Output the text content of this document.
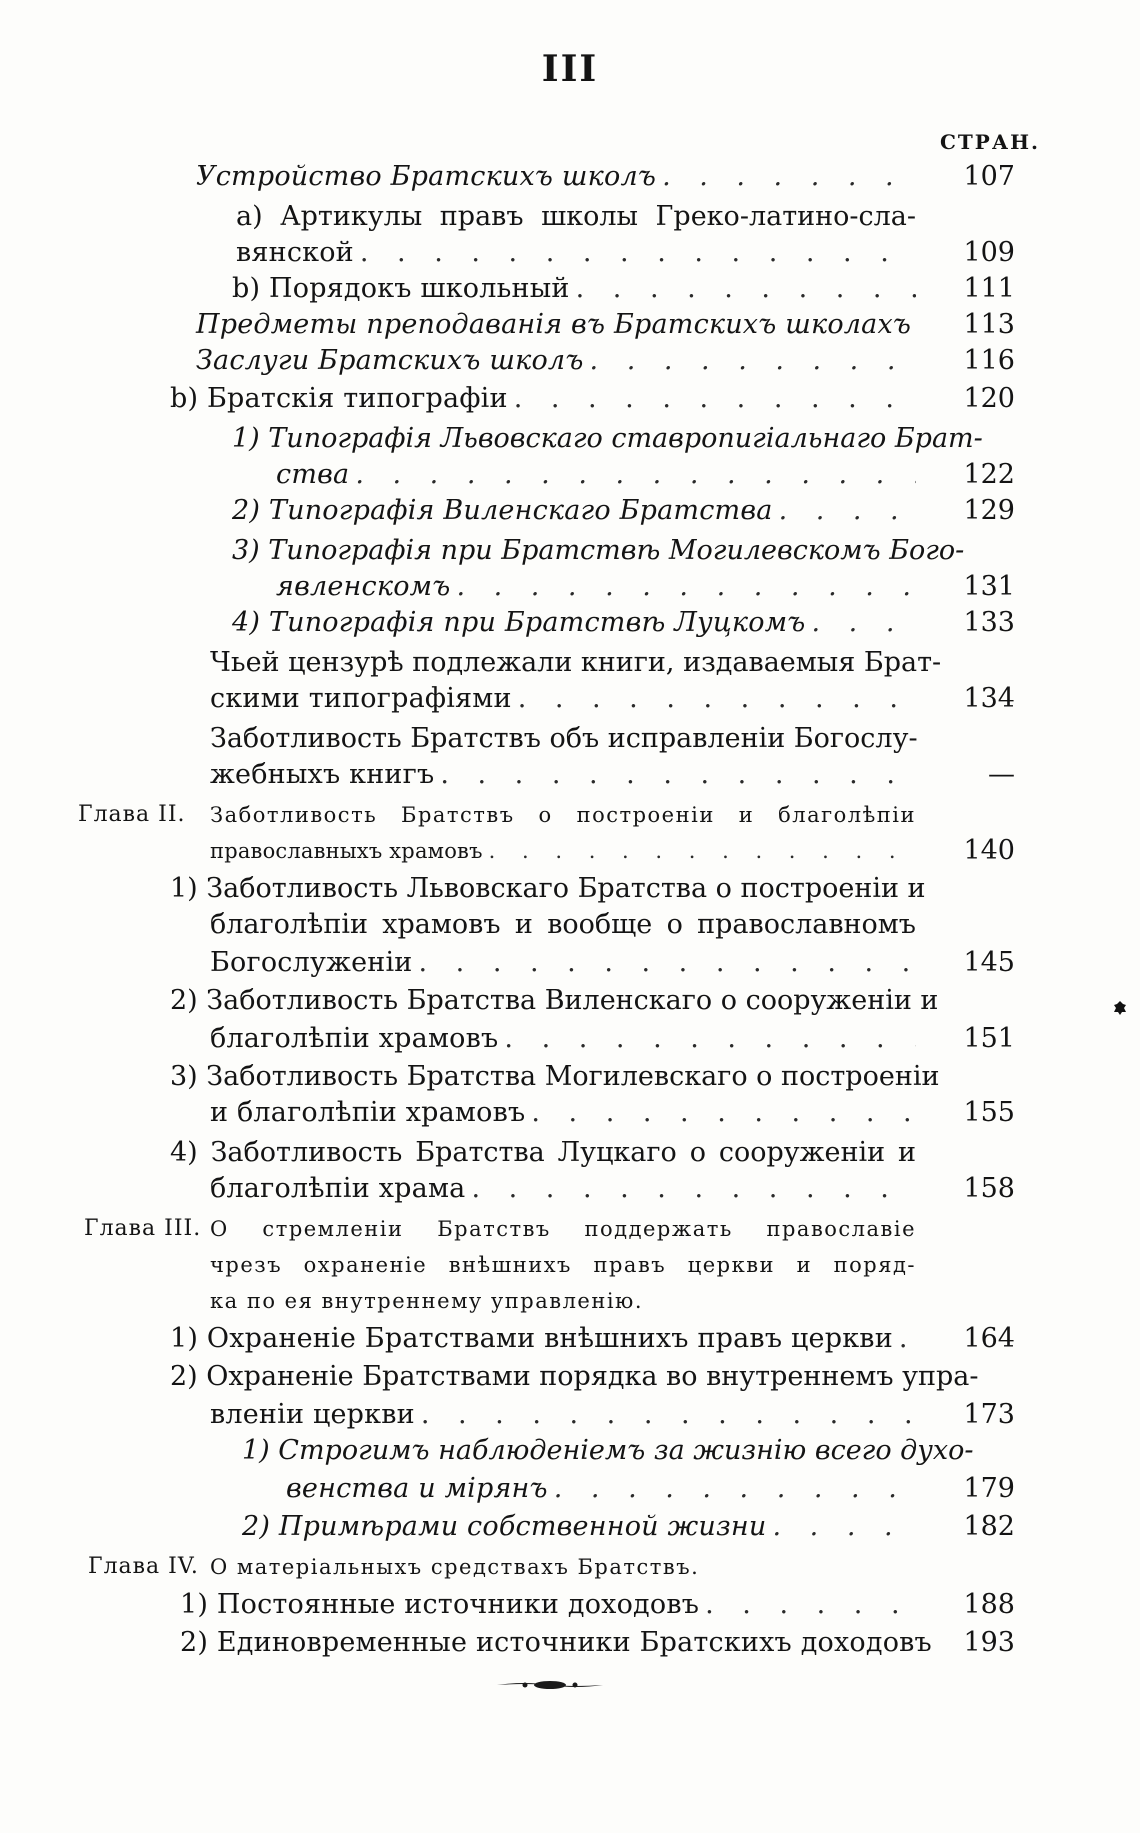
III
СТРАН.
Устройство Братскихъ школъ . . .	107
а) Артикулы правъ школы Греко-латино-сла-
вянской . . .	109
b) Порядокъ школьный . . .	111
Предметы преподаванiя въ Братскихъ школахъ	113
Заслуги Братскихъ школъ . . .	116
b) Братскiя типографiи . . .	120
1) Типографiя Львовскаго ставропигiальнаго Брат-
ства . . .	122
2) Типографiя Виленскаго Братства . . .	129
3) Типографiя при Братствѣ Могилевскомъ Бого-
явленскомъ . . .	131
4) Типографiя при Братствѣ Луцкомъ . . .	133
Чьей цензурѣ подлежали книги, издаваемыя Брат-
скими типографiями . . .	134
Заботливость Братствъ объ исправленiи Богослу-
жебныхъ книгъ . . .	—
Глава II. Заботливость Братствъ о построенiи и благолѣпiи
православныхъ храмовъ . . .	140
1) Заботливость Львовскаго Братства о построенiи и
благолѣпiи храмовъ и вообще о православномъ
Богослуженiи . . .	145
2) Заботливость Братства Виленскаго о сооруженiи и
благолѣпiи храмовъ . . .	151
3) Заботливость Братства Могилевскаго о построенiи
и благолѣпiи храмовъ . . .	155
4) Заботливость Братства Луцкаго о сооруженiи и
благолѣпiи храма . . .	158
Глава III. О стремленiи Братствъ поддержать православiе
чрезъ охраненiе внѣшнихъ правъ церкви и поряд-
ка по ея внутреннему управленiю.
1) Охраненiе Братствами внѣшнихъ правъ церкви . . .	164
2) Охраненiе Братствами порядка во внутреннемъ упра-
вленiи церкви . . .	173
1) Строгимъ наблюденiемъ за жизнiю всего духо-
венства и мiрянъ . . .	179
2) Примѣрами собственной жизни . . .	182
Глава IV. О матерiальныхъ средствахъ Братствъ.
1) Постоянные источники доходовъ . . .	188
2) Единовременные источники Братскихъ доходовъ	193
